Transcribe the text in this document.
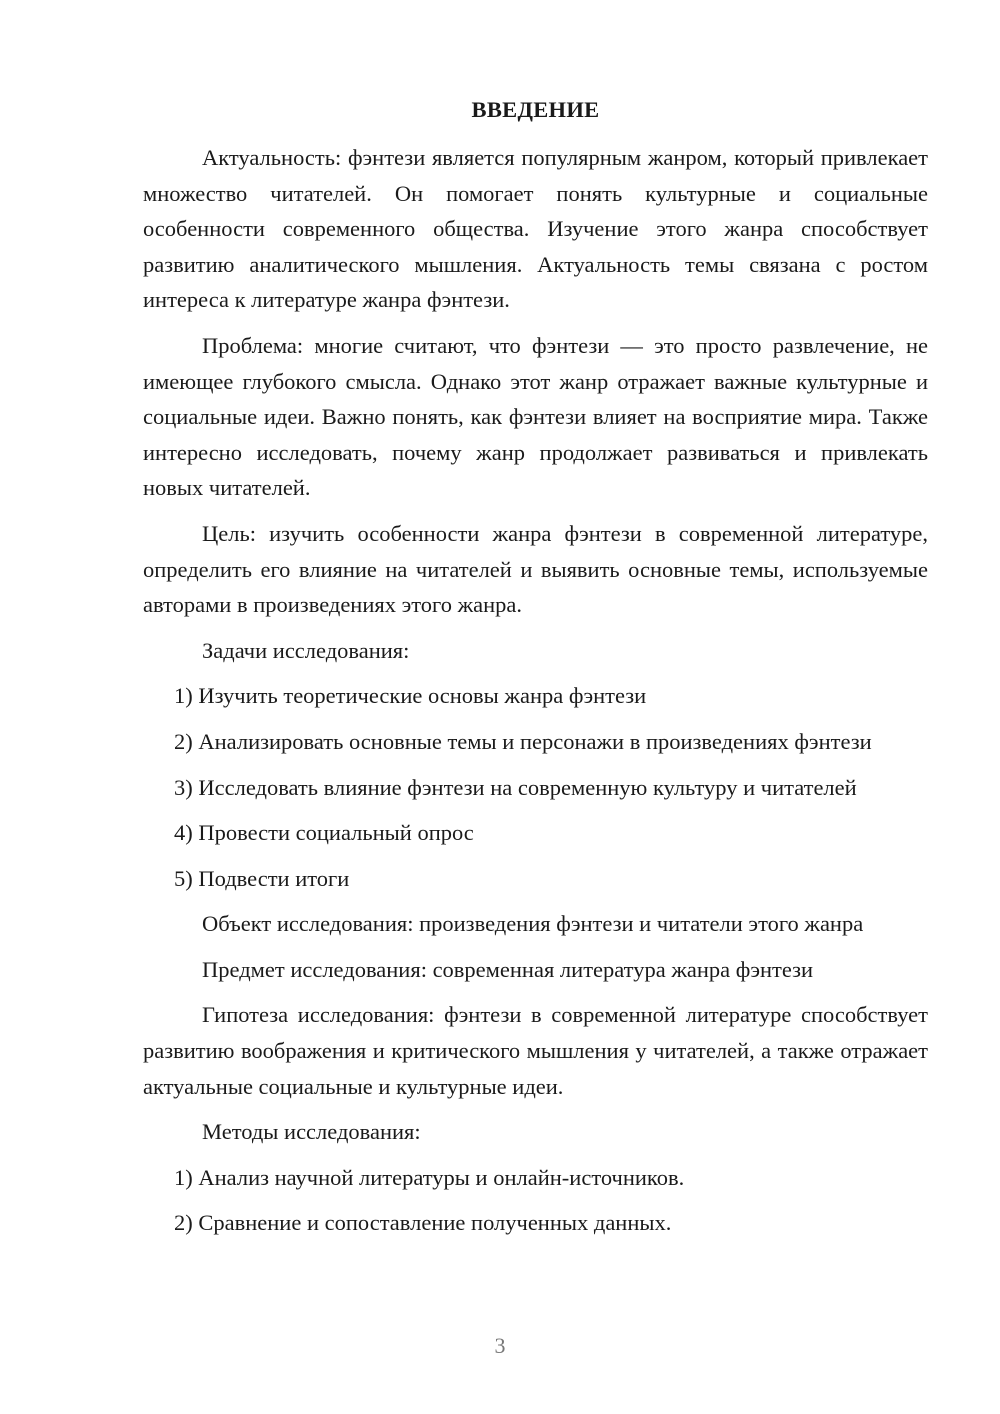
ВВЕДЕНИЕ

Актуальность: фэнтези является популярным жанром, который привлекает множество читателей. Он помогает понять культурные и социальные особенности современного общества. Изучение этого жанра способствует развитию аналитического мышления. Актуальность темы связана с ростом интереса к литературе жанра фэнтези.

Проблема: многие считают, что фэнтези — это просто развлечение, не имеющее глубокого смысла. Однако этот жанр отражает важные культурные и социальные идеи. Важно понять, как фэнтези влияет на восприятие мира. Также интересно исследовать, почему жанр продолжает развиваться и привлекать новых читателей.

Цель: изучить особенности жанра фэнтези в современной литературе, определить его влияние на читателей и выявить основные темы, используемые авторами в произведениях этого жанра.

Задачи исследования:

1) Изучить теоретические основы жанра фэнтези

2) Анализировать основные темы и персонажи в произведениях фэнтези

3) Исследовать влияние фэнтези на современную культуру и читателей

4) Провести социальный опрос

5) Подвести итоги

Объект исследования: произведения фэнтези и читатели этого жанра

Предмет исследования: современная литература жанра фэнтези

Гипотеза исследования: фэнтези в современной литературе способствует развитию воображения и критического мышления у читателей, а также отражает актуальные социальные и культурные идеи.

Методы исследования:

1) Анализ научной литературы и онлайн-источников.

2) Сравнение и сопоставление полученных данных.

3
